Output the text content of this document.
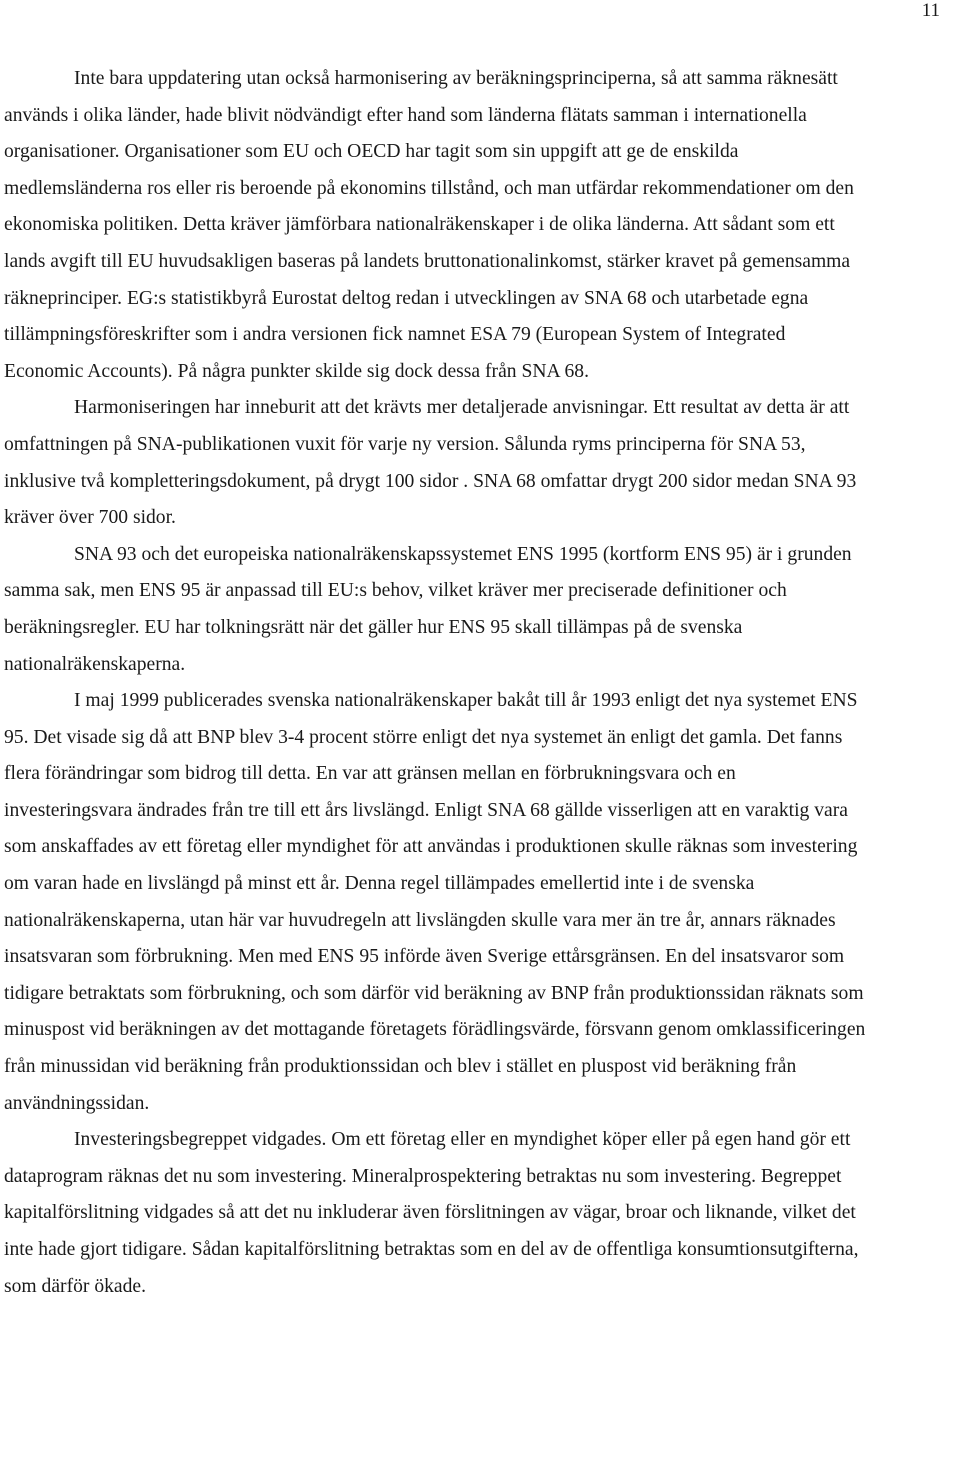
11

Inte bara uppdatering utan också harmonisering av beräkningsprinciperna, så att samma räknesätt används i olika länder, hade blivit nödvändigt efter hand som länderna flätats samman i internationella organisationer. Organisationer som EU och OECD har tagit som sin uppgift att ge de enskilda medlemsländerna ros eller ris beroende på ekonomins tillstånd, och man utfärdar rekommendationer om den ekonomiska politiken. Detta kräver jämförbara nationalräkenskaper i de olika länderna. Att sådant som ett lands avgift till EU huvudsakligen baseras på landets bruttonationalinkomst, stärker kravet på gemensamma räkneprinciper. EG:s statistikbyrå Eurostat deltog redan i utvecklingen av SNA 68 och utarbetade egna tillämpningsföreskrifter som i andra versionen fick namnet ESA 79 (European System of Integrated Economic Accounts). På några punkter skilde sig dock dessa från SNA 68.

Harmoniseringen har inneburit att det krävts mer detaljerade anvisningar. Ett resultat av detta är att omfattningen på SNA-publikationen vuxit för varje ny version. Sålunda ryms principerna för SNA 53, inklusive två kompletteringsdokument, på drygt 100 sidor . SNA 68 omfattar drygt 200 sidor medan SNA 93 kräver över 700 sidor.

SNA 93 och det europeiska nationalräkenskapssystemet ENS 1995 (kortform ENS 95) är i grunden samma sak, men ENS 95 är anpassad till EU:s behov, vilket kräver mer preciserade definitioner och beräkningsregler. EU har tolkningsrätt när det gäller hur ENS 95 skall tillämpas på de svenska nationalräkenskaperna.

I maj 1999 publicerades svenska nationalräkenskaper bakåt till år 1993 enligt det nya systemet ENS 95. Det visade sig då att BNP blev 3-4 procent större enligt det nya systemet än enligt det gamla. Det fanns flera förändringar som bidrog till detta. En var att gränsen mellan en förbrukningsvara och en investeringsvara ändrades från tre till ett års livslängd. Enligt SNA 68 gällde visserligen att en varaktig vara som anskaffades av ett företag eller myndighet för att användas i produktionen skulle räknas som investering om varan hade en livslängd på minst ett år. Denna regel tillämpades emellertid inte i de svenska nationalräkenskaperna, utan här var huvudregeln att livslängden skulle vara mer än tre år, annars räknades insatsvaran som förbrukning. Men med ENS 95 införde även Sverige ettårsgränsen. En del insatsvaror som tidigare betraktats som förbrukning, och som därför vid beräkning av BNP från produktionssidan räknats som minuspost vid beräkningen av det mottagande företagets förädlingsvärde, försvann genom omklassificeringen från minussidan vid beräkning från produktionssidan och blev i stället en pluspost vid beräkning från användningssidan.

Investeringsbegreppet vidgades. Om ett företag eller en myndighet köper eller på egen hand gör ett dataprogram räknas det nu som investering. Mineralprospektering betraktas nu som investering. Begreppet kapitalförslitning vidgades så att det nu inkluderar även förslitningen av vägar, broar och liknande, vilket det inte hade gjort tidigare. Sådan kapitalförslitning betraktas som en del av de offentliga konsumtionsutgifterna, som därför ökade.
